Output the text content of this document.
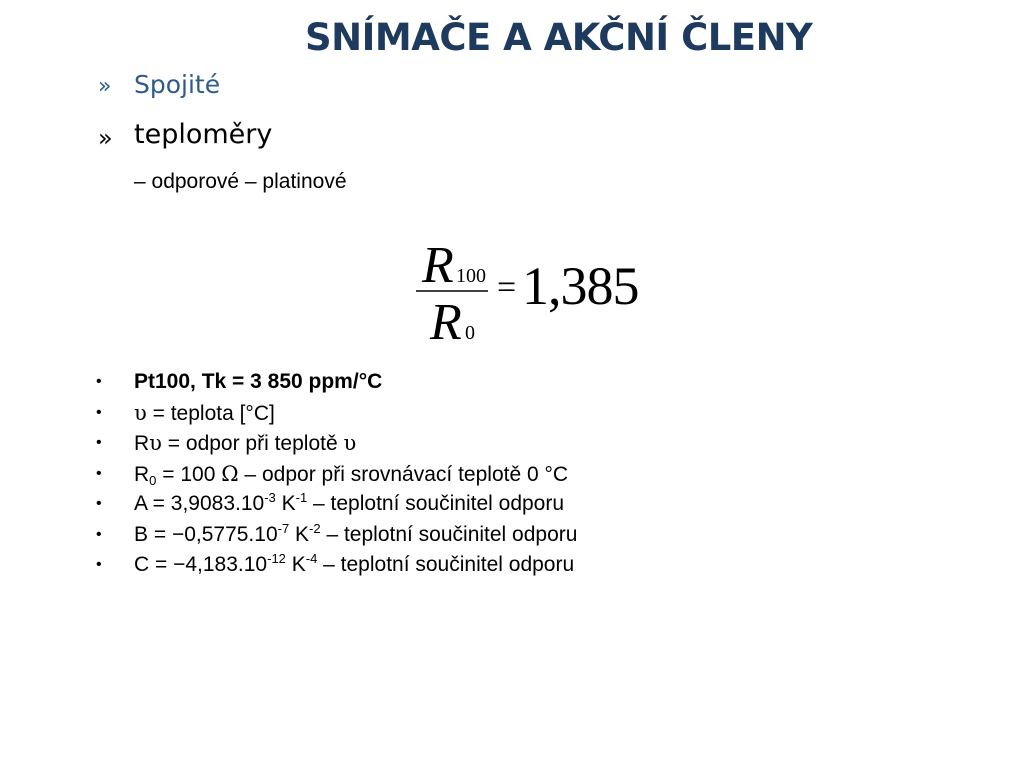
SNÍMAČE A AKČNÍ ČLENY
» Spojité
» teploměry
– odporové – platinové
R 100
R 0
= 1,385
• Pt100, Tk = 3 850 ppm/°C
• υ = teplota [°C]
• Rυ = odpor při teplotě υ
• $R_0 = 100$ Ω – odpor při srovnávací teplotě 0 °C
• $A = 3,9083.10^{-3}$ $K^{-1}$ – teplotní součinitel odporu
• $B = -0,5775.10^{-7}$ $K^{-2}$ – teplotní součinitel odporu
• $C = -4,183.10^{-12}$ $K^{-4}$ – teplotní součinitel odporu
